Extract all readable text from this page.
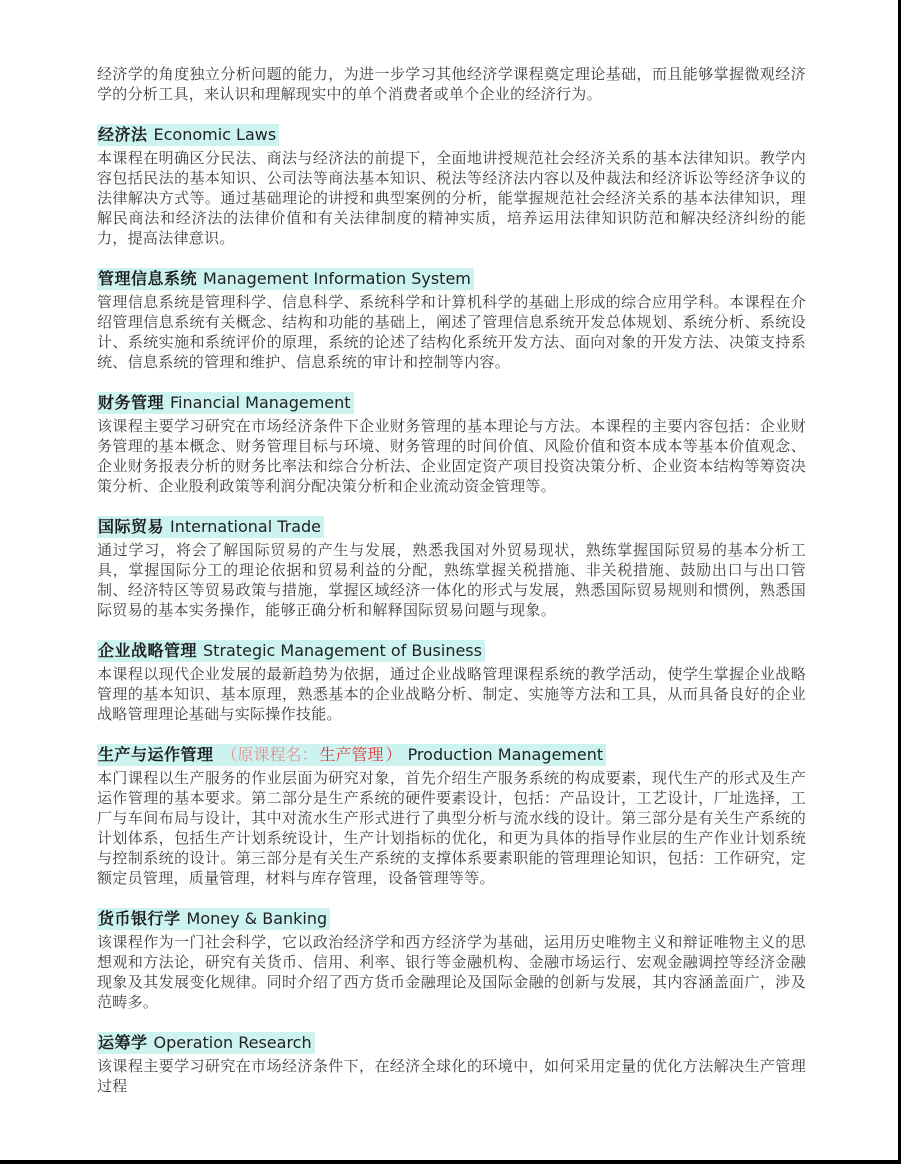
经济学的角度独立分析问题的能力，为进一步学习其他经济学课程奠定理论基础，而且能够掌握微观经济学的分析工具，来认识和理解现实中的单个消费者或单个企业的经济行为。

经济法 Economic Laws

本课程在明确区分民法、商法与经济法的前提下，全面地讲授规范社会经济关系的基本法律知识。教学内容包括民法的基本知识、公司法等商法基本知识、税法等经济法内容以及仲裁法和经济诉讼等经济争议的法律解决方式等。通过基础理论的讲授和典型案例的分析，能掌握规范社会经济关系的基本法律知识，理解民商法和经济法的法律价值和有关法律制度的精神实质，培养运用法律知识防范和解决经济纠纷的能力，提高法律意识。

管理信息系统 Management Information System

管理信息系统是管理科学、信息科学、系统科学和计算机科学的基础上形成的综合应用学科。本课程在介绍管理信息系统有关概念、结构和功能的基础上，阐述了管理信息系统开发总体规划、系统分析、系统设计、系统实施和系统评价的原理，系统的论述了结构化系统开发方法、面向对象的开发方法、决策支持系统、信息系统的管理和维护、信息系统的审计和控制等内容。

财务管理 Financial Management

该课程主要学习研究在市场经济条件下企业财务管理的基本理论与方法。本课程的主要内容包括：企业财务管理的基本概念、财务管理目标与环境、财务管理的时间价值、风险价值和资本成本等基本价值观念、企业财务报表分析的财务比率法和综合分析法、企业固定资产项目投资决策分析、企业资本结构等筹资决策分析、企业股利政策等利润分配决策分析和企业流动资金管理等。

国际贸易 International Trade

通过学习，将会了解国际贸易的产生与发展，熟悉我国对外贸易现状，熟练掌握国际贸易的基本分析工具，掌握国际分工的理论依据和贸易利益的分配，熟练掌握关税措施、非关税措施、鼓励出口与出口管制、经济特区等贸易政策与措施，掌握区域经济一体化的形式与发展，熟悉国际贸易规则和惯例，熟悉国际贸易的基本实务操作，能够正确分析和解释国际贸易问题与现象。

企业战略管理 Strategic Management of Business

本课程以现代企业发展的最新趋势为依据，通过企业战略管理课程系统的教学活动，使学生掌握企业战略管理的基本知识、基本原理，熟悉基本的企业战略分析、制定、实施等方法和工具，从而具备良好的企业战略管理理论基础与实际操作技能。

生产与运作管理 （原课程名： 生产管理 ） Production Management

本门课程以生产服务的作业层面为研究对象，首先介绍生产服务系统的构成要素，现代生产的形式及生产运作管理的基本要求。第二部分是生产系统的硬件要素设计，包括：产品设计，工艺设计，厂址选择，工厂与车间布局与设计，其中对流水生产形式进行了典型分析与流水线的设计。第三部分是有关生产系统的计划体系，包括生产计划系统设计，生产计划指标的优化，和更为具体的指导作业层的生产作业计划系统与控制系统的设计。第三部分是有关生产系统的支撑体系要素职能的管理理论知识，包括：工作研究，定额定员管理，质量管理，材料与库存管理，设备管理等等。

货币银行学 Money & Banking

该课程作为一门社会科学，它以政治经济学和西方经济学为基础，运用历史唯物主义和辩证唯物主义的思想观和方法论，研究有关货币、信用、利率、银行等金融机构、金融市场运行、宏观金融调控等经济金融现象及其发展变化规律。同时介绍了西方货币金融理论及国际金融的创新与发展，其内容涵盖面广，涉及范畴多。

运筹学 Operation Research

该课程主要学习研究在市场经济条件下，在经济全球化的环境中，如何采用定量的优化方法解决生产管理过程
